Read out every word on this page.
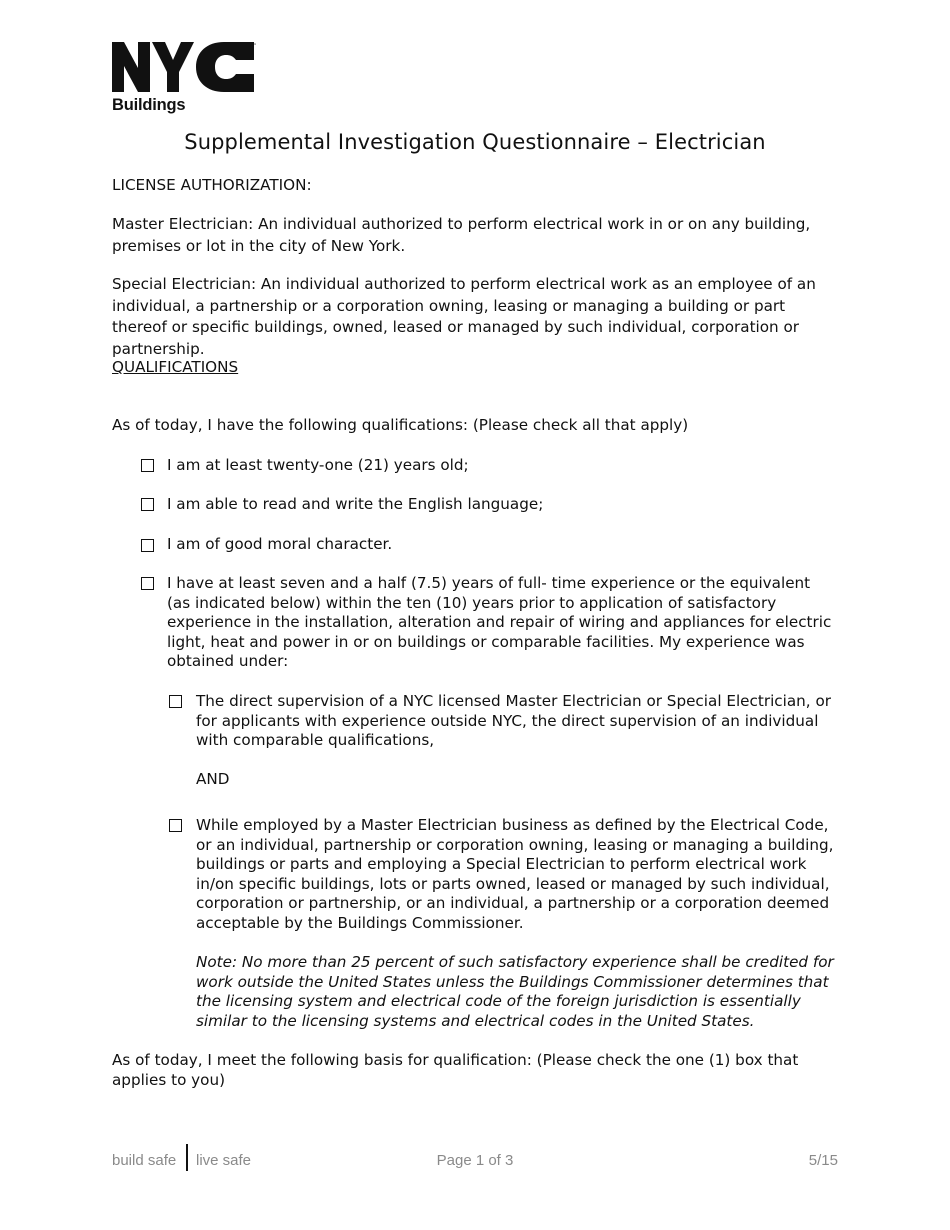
™
Buildings
Supplemental Investigation Questionnaire – Electrician
LICENSE AUTHORIZATION:
Master Electrician: An individual authorized to perform electrical work in or on any building, premises or lot in the city of New York.
Special Electrician: An individual authorized to perform electrical work as an employee of an individual, a partnership or a corporation owning, leasing or managing a building or part thereof or specific buildings, owned, leased or managed by such individual, corporation or partnership.
QUALIFICATIONS
As of today, I have the following qualifications: (Please check all that apply)
I am at least twenty-one (21) years old;
I am able to read and write the English language;
I am of good moral character.
I have at least seven and a half (7.5) years of full- time experience or the equivalent (as indicated below) within the ten (10) years prior to application of satisfactory experience in the installation, alteration and repair of wiring and appliances for electric light, heat and power in or on buildings or comparable facilities. My experience was obtained under:
The direct supervision of a NYC licensed Master Electrician or Special Electrician, or for applicants with experience outside NYC, the direct supervision of an individual with comparable qualifications,
AND
While employed by a Master Electrician business as defined by the Electrical Code, or an individual, partnership or corporation owning, leasing or managing a building, buildings or parts and employing a Special Electrician to perform electrical work in/on specific buildings, lots or parts owned, leased or managed by such individual, corporation or partnership, or an individual, a partnership or a corporation deemed acceptable by the Buildings Commissioner.
Note: No more than 25 percent of such satisfactory experience shall be credited for work outside the United States unless the Buildings Commissioner determines that the licensing system and electrical code of the foreign jurisdiction is essentially similar to the licensing systems and electrical codes in the United States.
As of today, I meet the following basis for qualification: (Please check the one (1) box that applies to you)
build safe live safe	Page 1 of 3	5/15
